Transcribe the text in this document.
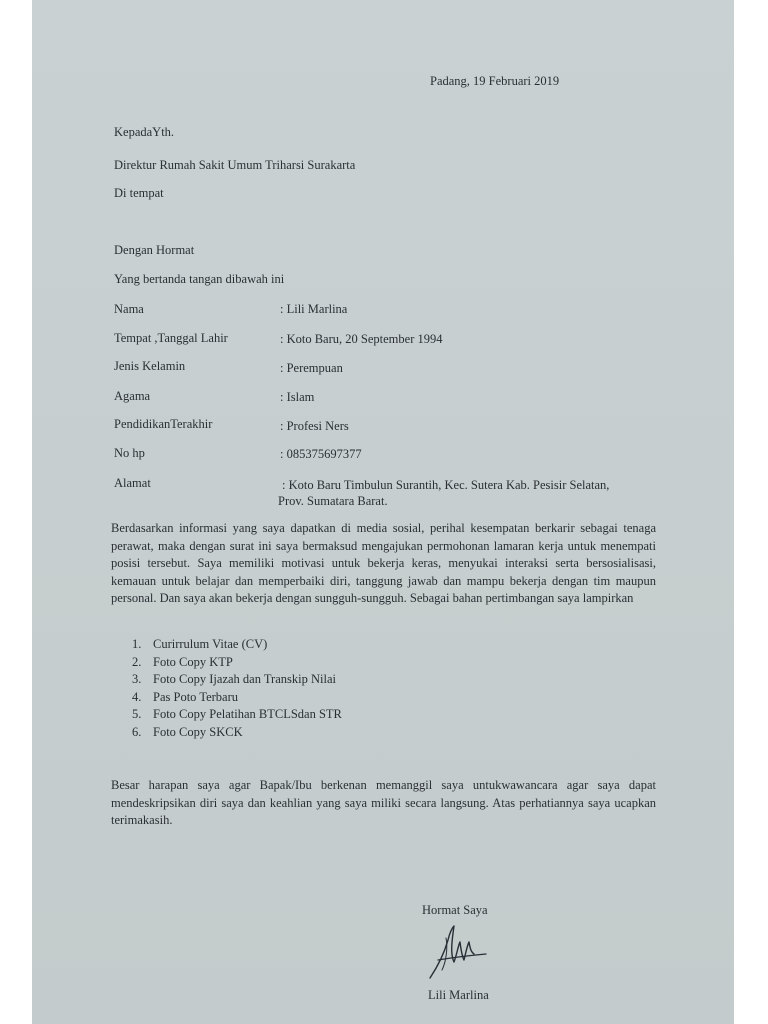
Padang, 19 Februari 2019
KepadaYth.
Direktur Rumah Sakit Umum Triharsi Surakarta
Di tempat
Dengan Hormat
Yang bertanda tangan dibawah ini
Nama	: Lili Marlina
Tempat ,Tanggal Lahir	: Koto Baru, 20 September 1994
Jenis Kelamin	: Perempuan
Agama	: Islam
PendidikanTerakhir	: Profesi Ners
No hp	: 085375697377
Alamat	: Koto Baru Timbulun Surantih, Kec. Sutera Kab. Pesisir Selatan,
Prov. Sumatara Barat.
Berdasarkan informasi yang saya dapatkan di media sosial, perihal kesempatan berkarir sebagai tenaga perawat, maka dengan surat ini saya bermaksud mengajukan permohonan lamaran kerja untuk menempati posisi tersebut. Saya memiliki motivasi untuk bekerja keras, menyukai interaksi serta bersosialisasi, kemauan untuk belajar dan memperbaiki diri, tanggung jawab dan mampu bekerja dengan tim maupun personal. Dan saya akan bekerja dengan sungguh-sungguh. Sebagai bahan pertimbangan saya lampirkan
1. Curirrulum Vitae (CV)
2. Foto Copy KTP
3. Foto Copy Ijazah dan Transkip Nilai
4. Pas Poto Terbaru
5. Foto Copy Pelatihan BTCLSdan STR
6. Foto Copy SKCK
Besar harapan saya agar Bapak/Ibu berkenan memanggil saya untukwawancara agar saya dapat mendeskripsikan diri saya dan keahlian yang saya miliki secara langsung. Atas perhatiannya saya ucapkan terimakasih.
Hormat Saya
Lili Marlina
